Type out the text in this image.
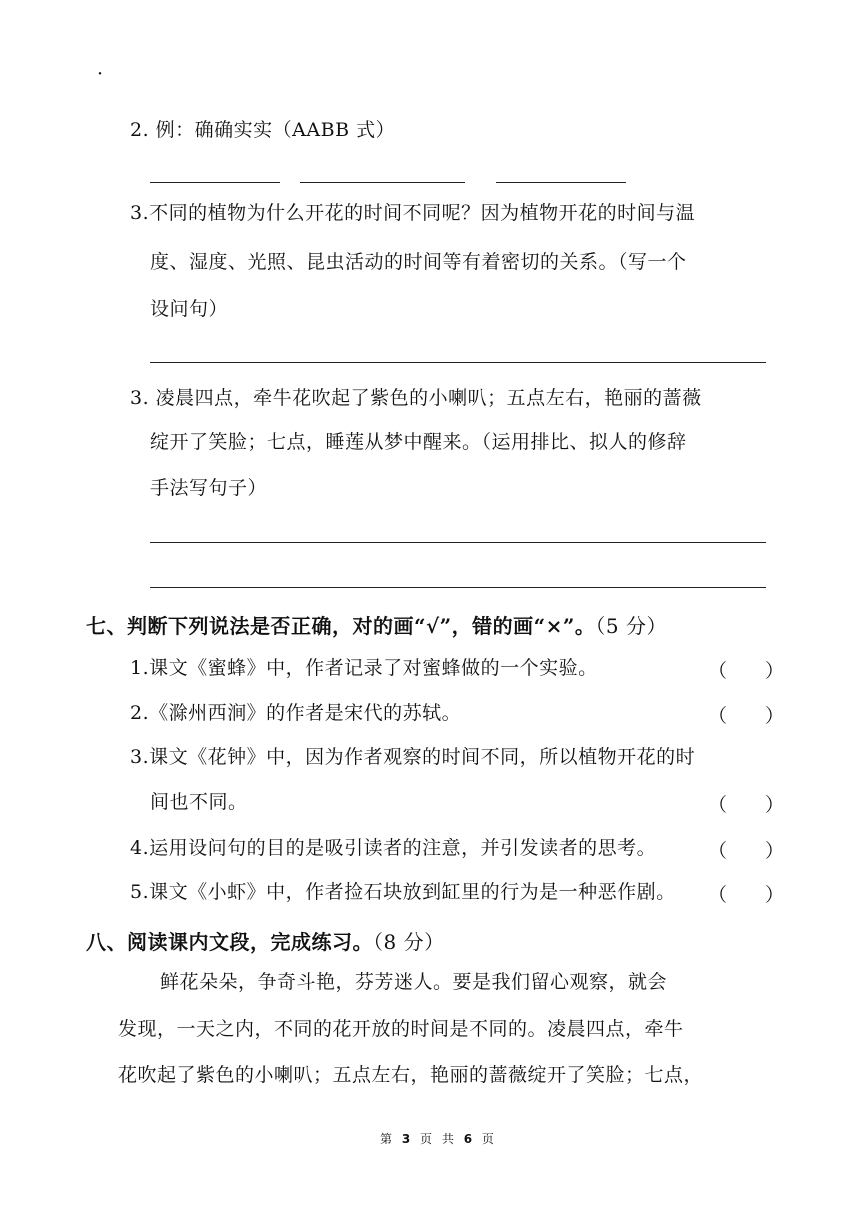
·
2. 例：确确实实（AABB 式）
3.不同的植物为什么开花的时间不同呢？因为植物开花的时间与温
度、湿度、光照、昆虫活动的时间等有着密切的关系。（写一个
设问句）
3. 凌晨四点，牵牛花吹起了紫色的小喇叭；五点左右，艳丽的蔷薇
绽开了笑脸；七点，睡莲从梦中醒来。（运用排比、拟人的修辞
手法写句子）
七、判断下列说法是否正确，对的画“√”，错的画“×”。（5 分）
1.课文《蜜蜂》中，作者记录了对蜜蜂做的一个实验。	（　　）
2.《滁州西涧》的作者是宋代的苏轼。	（　　）
3.课文《花钟》中，因为作者观察的时间不同，所以植物开花的时
间也不同。	（　　）
4.运用设问句的目的是吸引读者的注意，并引发读者的思考。	（　　）
5.课文《小虾》中，作者捡石块放到缸里的行为是一种恶作剧。 （　　）
八、阅读课内文段，完成练习。（8 分）
鲜花朵朵，争奇斗艳，芬芳迷人。要是我们留心观察，就会
发现，一天之内，不同的花开放的时间是不同的。凌晨四点，牵牛
花吹起了紫色的小喇叭；五点左右，艳丽的蔷薇绽开了笑脸；七点，
第 3 页 共 6 页
